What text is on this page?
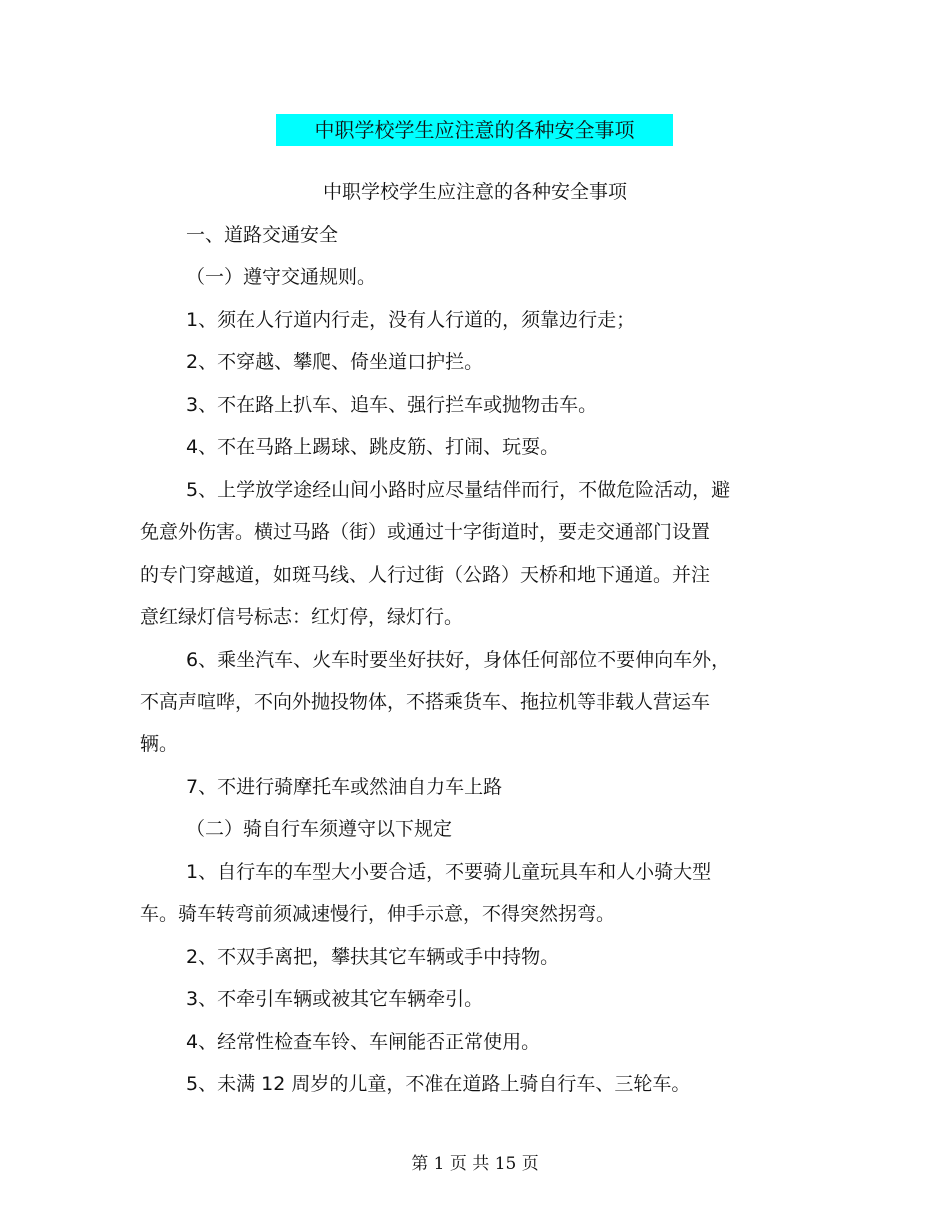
中职学校学生应注意的各种安全事项
中职学校学生应注意的各种安全事项
一、道路交通安全
（一）遵守交通规则。
1、须在人行道内行走，没有人行道的，须靠边行走；
2、不穿越、攀爬、倚坐道口护拦。
3、不在路上扒车、追车、强行拦车或抛物击车。
4、不在马路上踢球、跳皮筋、打闹、玩耍。
5、上学放学途经山间小路时应尽量结伴而行，不做危险活动，避
免意外伤害。横过马路（街）或通过十字街道时，要走交通部门设置
的专门穿越道，如斑马线、人行过街（公路）天桥和地下通道。并注
意红绿灯信号标志：红灯停，绿灯行。
6、乘坐汽车、火车时要坐好扶好，身体任何部位不要伸向车外，
不高声喧哗，不向外抛投物体，不搭乘货车、拖拉机等非载人营运车
辆。
7、不进行骑摩托车或然油自力车上路
（二）骑自行车须遵守以下规定
1、自行车的车型大小要合适，不要骑儿童玩具车和人小骑大型
车。骑车转弯前须减速慢行，伸手示意，不得突然拐弯。
2、不双手离把，攀扶其它车辆或手中持物。
3、不牵引车辆或被其它车辆牵引。
4、经常性检查车铃、车闸能否正常使用。
5、未满 12 周岁的儿童，不准在道路上骑自行车、三轮车。
第 1 页 共 15 页
